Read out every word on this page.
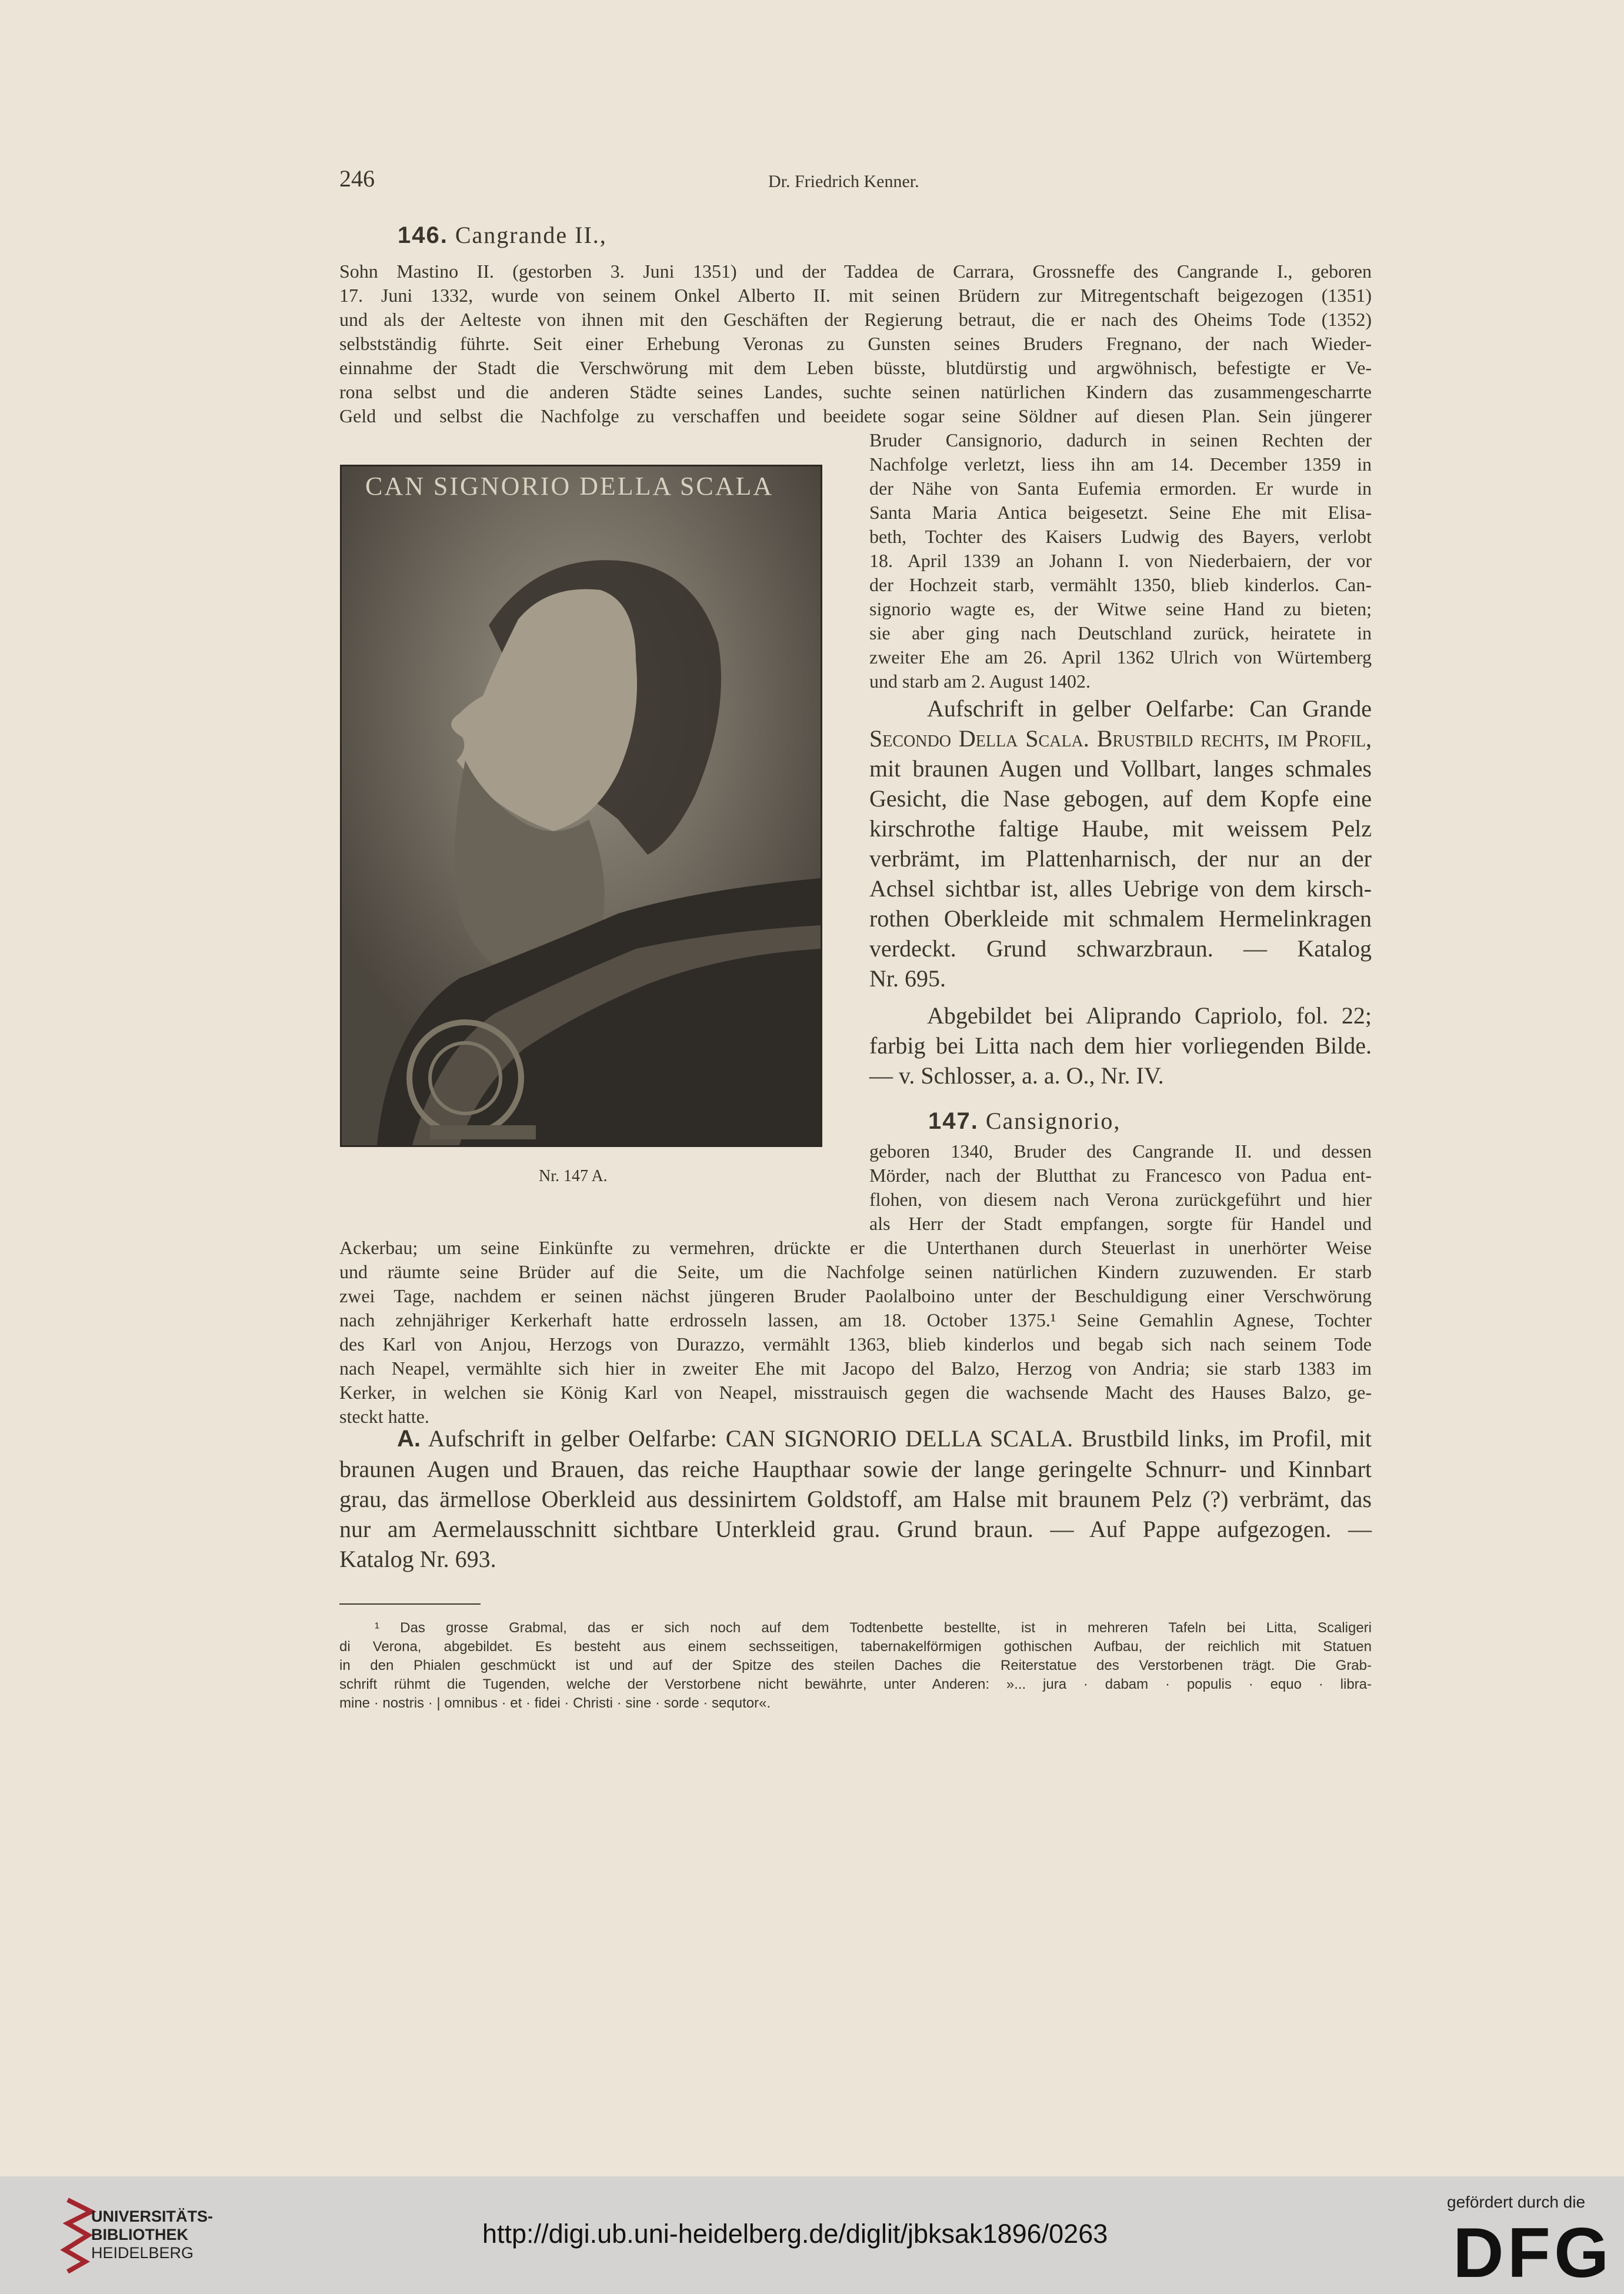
246	Dr. Friedrich Kenner.
146. Cangrande II.,
Sohn Mastino II. (gestorben 3. Juni 1351) und der Taddea de Carrara, Grossneffe des Cangrande I., geboren
17. Juni 1332, wurde von seinem Onkel Alberto II. mit seinen Brüdern zur Mitregentschaft beigezogen (1351)
und als der Aelteste von ihnen mit den Geschäften der Regierung betraut, die er nach des Oheims Tode (1352)
selbstständig führte. Seit einer Erhebung Veronas zu Gunsten seines Bruders Fregnano, der nach Wieder-
einnahme der Stadt die Verschwörung mit dem Leben büsste, blutdürstig und argwöhnisch, befestigte er Ve-
rona selbst und die anderen Städte seines Landes, suchte seinen natürlichen Kindern das zusammengescharrte
Geld und selbst die Nachfolge zu verschaffen und beeidete sogar seine Söldner auf diesen Plan. Sein jüngerer
Bruder Cansignorio, dadurch in seinen Rechten der
Nachfolge verletzt, liess ihn am 14. December 1359 in
der Nähe von Santa Eufemia ermorden. Er wurde in
Santa Maria Antica beigesetzt. Seine Ehe mit Elisa-
beth, Tochter des Kaisers Ludwig des Bayers, verlobt
18. April 1339 an Johann I. von Niederbaiern, der vor
der Hochzeit starb, vermählt 1350, blieb kinderlos. Can-
signorio wagte es, der Witwe seine Hand zu bieten;
sie aber ging nach Deutschland zurück, heiratete in
zweiter Ehe am 26. April 1362 Ulrich von Würtemberg
und starb am 2. August 1402.
Aufschrift in gelber Oelfarbe: Can Grande
Secondo Della Scala. Brustbild rechts, im Profil,
mit braunen Augen und Vollbart, langes schmales
Gesicht, die Nase gebogen, auf dem Kopfe eine
kirschrothe faltige Haube, mit weissem Pelz
verbrämt, im Plattenharnisch, der nur an der
Achsel sichtbar ist, alles Uebrige von dem kirsch-
rothen Oberkleide mit schmalem Hermelinkragen
verdeckt. Grund schwarzbraun. — Katalog
Nr. 695.
Abgebildet bei Aliprando Capriolo, fol. 22;
farbig bei Litta nach dem hier vorliegenden Bilde.
— v. Schlosser, a. a. O., Nr. IV.
CAN SIGNORIO DELLA SCALA
Nr. 147 A.
147. Cansignorio,
geboren 1340, Bruder des Cangrande II. und dessen
Mörder, nach der Blutthat zu Francesco von Padua ent-
flohen, von diesem nach Verona zurückgeführt und hier
als Herr der Stadt empfangen, sorgte für Handel und
Ackerbau; um seine Einkünfte zu vermehren, drückte er die Unterthanen durch Steuerlast in unerhörter Weise
und räumte seine Brüder auf die Seite, um die Nachfolge seinen natürlichen Kindern zuzuwenden. Er starb
zwei Tage, nachdem er seinen nächst jüngeren Bruder Paolalboino unter der Beschuldigung einer Verschwörung
nach zehnjähriger Kerkerhaft hatte erdrosseln lassen, am 18. October 1375.¹ Seine Gemahlin Agnese, Tochter
des Karl von Anjou, Herzogs von Durazzo, vermählt 1363, blieb kinderlos und begab sich nach seinem Tode
nach Neapel, vermählte sich hier in zweiter Ehe mit Jacopo del Balzo, Herzog von Andria; sie starb 1383 im
Kerker, in welchen sie König Karl von Neapel, misstrauisch gegen die wachsende Macht des Hauses Balzo, ge-
steckt hatte.
A. Aufschrift in gelber Oelfarbe: CAN SIGNORIO DELLA SCALA. Brustbild links, im Profil, mit
braunen Augen und Brauen, das reiche Haupthaar sowie der lange geringelte Schnurr- und Kinnbart
grau, das ärmellose Oberkleid aus dessinirtem Goldstoff, am Halse mit braunem Pelz (?) verbrämt, das
nur am Aermelausschnitt sichtbare Unterkleid grau. Grund braun. — Auf Pappe aufgezogen. —
Katalog Nr. 693.
¹ Das grosse Grabmal, das er sich noch auf dem Todtenbette bestellte, ist in mehreren Tafeln bei Litta, Scaligeri
di Verona, abgebildet. Es besteht aus einem sechsseitigen, tabernakelförmigen gothischen Aufbau, der reichlich mit Statuen
in den Phialen geschmückt ist und auf der Spitze des steilen Daches die Reiterstatue des Verstorbenen trägt. Die Grab-
schrift rühmt die Tugenden, welche der Verstorbene nicht bewährte, unter Anderen: »... jura · dabam · populis · equo · libra-
mine · nostris · | omnibus · et · fidei · Christi · sine · sorde · sequtor«.
UNIVERSITÄTS-
BIBLIOTHEK
HEIDELBERG
http://digi.ub.uni-heidelberg.de/diglit/jbksak1896/0263
gefördert durch die
DFG
